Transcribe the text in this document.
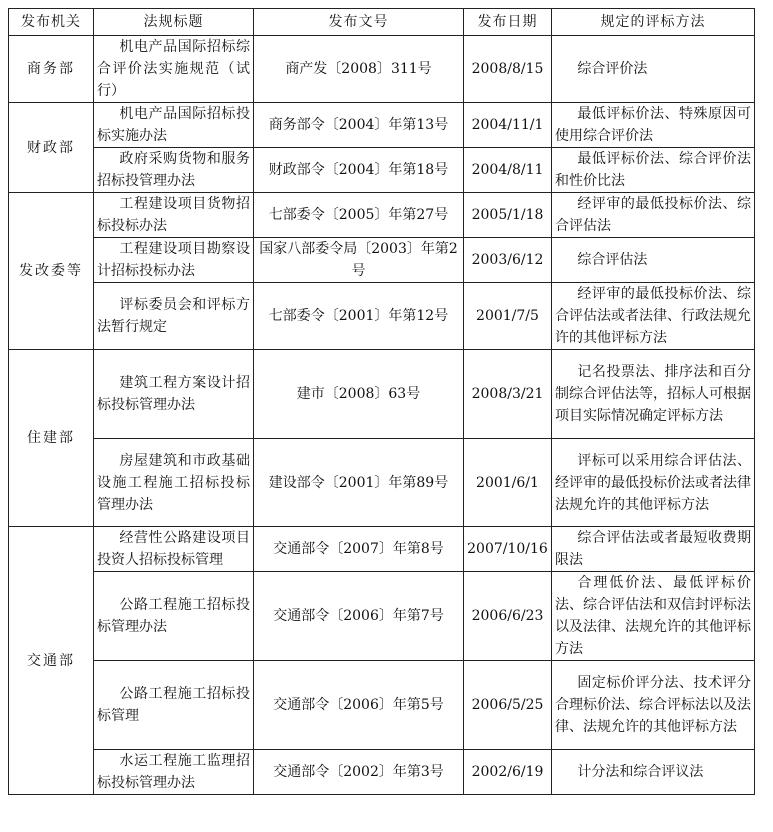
发布机关	法规标题	发布文号	发布日期	规定的评标方法
商务部	机电产品国际招标综合评价法实施规范（试行）	商产发〔2008〕311号	2008/8/15	综合评价法
财政部	机电产品国际招标投标实施办法	商务部令〔2004〕年第13号	2004/11/1	最低评标价法、特殊原因可使用综合评价法
	政府采购货物和服务招标投管理办法	财政部令〔2004〕年第18号	2004/8/11	最低评标价法、综合评价法和性价比法
发改委等	工程建设项目货物招标投标办法	七部委令〔2005〕年第27号	2005/1/18	经评审的最低投标价法、综合评估法
	工程建设项目勘察设计招标投标办法	国家八部委令局〔2003〕年第2号	2003/6/12	综合评估法
	评标委员会和评标方法暂行规定	七部委令〔2001〕年第12号	2001/7/5	经评审的最低投标价法、综合评估法或者法律、行政法规允许的其他评标方法
住建部	建筑工程方案设计招标投标管理办法	建市〔2008〕63号	2008/3/21	记名投票法、排序法和百分制综合评估法等，招标人可根据项目实际情况确定评标方法
	房屋建筑和市政基础设施工程施工招标投标管理办法	建设部令〔2001〕年第89号	2001/6/1	评标可以采用综合评估法、经评审的最低投标价法或者法律法规允许的其他评标方法
交通部	经营性公路建设项目投资人招标投标管理	交通部令〔2007〕年第8号	2007/10/16	综合评估法或者最短收费期限法
	公路工程施工招标投标管理办法	交通部令〔2006〕年第7号	2006/6/23	合理低价法、最低评标价法、综合评估法和双信封评标法以及法律、法规允许的其他评标方法
	公路工程施工招标投标管理	交通部令〔2006〕年第5号	2006/5/25	固定标价评分法、技术评分合理标价法、综合评标法以及法律、法规允许的其他评标方法
	水运工程施工监理招标投标管理办法	交通部令〔2002〕年第3号	2002/6/19	计分法和综合评议法
